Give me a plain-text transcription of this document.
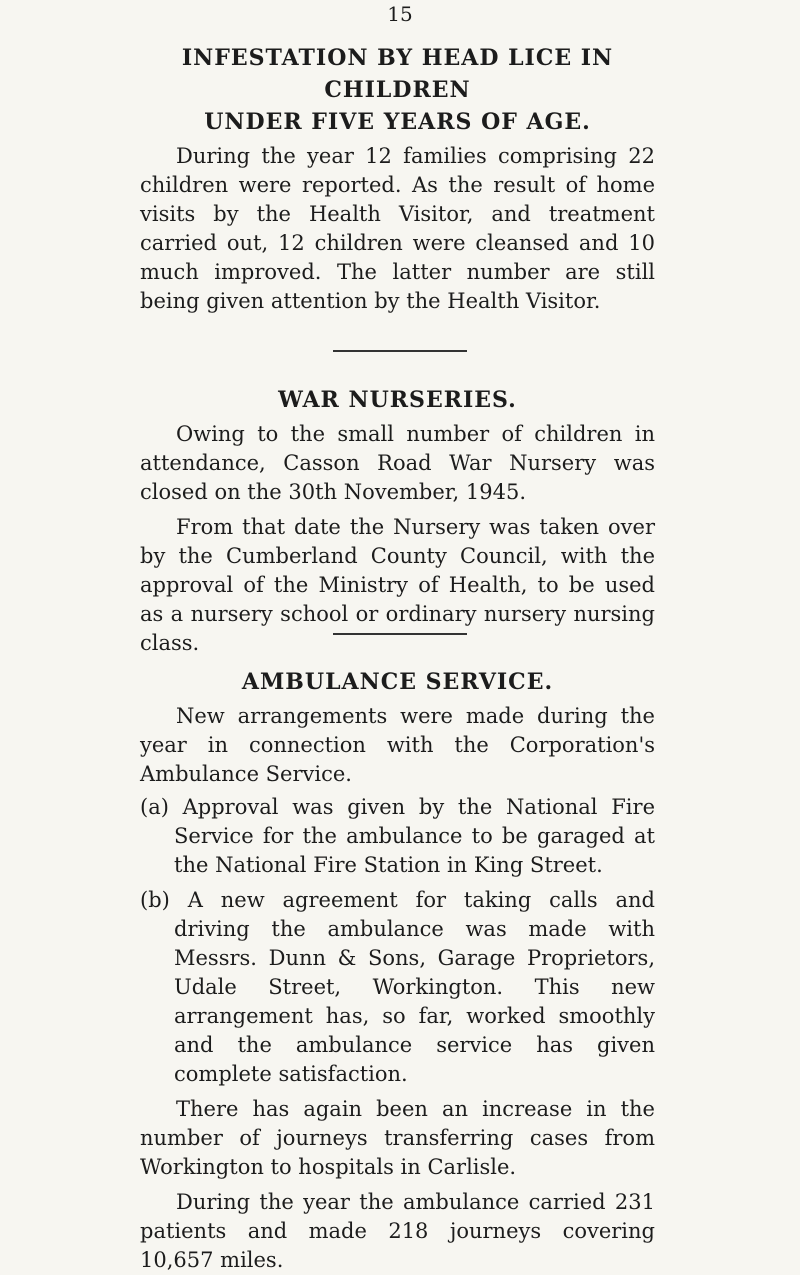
15
INFESTATION BY HEAD LICE IN CHILDREN
UNDER FIVE YEARS OF AGE.

During the year 12 families comprising 22 children were reported. As the result of home visits by the Health Visitor, and treatment carried out, 12 children were cleansed and 10 much improved. The latter number are still being given attention by the Health Visitor.

WAR NURSERIES.

Owing to the small number of children in attendance, Casson Road War Nursery was closed on the 30th November, 1945.

From that date the Nursery was taken over by the Cumberland County Council, with the approval of the Ministry of Health, to be used as a nursery school or ordinary nursery nursing class.

AMBULANCE SERVICE.

New arrangements were made during the year in connection with the Corporation's Ambulance Service.

(a) Approval was given by the National Fire Service for the ambulance to be garaged at the National Fire Station in King Street.
(b) A new agreement for taking calls and driving the ambulance was made with Messrs. Dunn & Sons, Garage Proprietors, Udale Street, Workington. This new arrangement has, so far, worked smoothly and the ambulance service has given complete satisfaction.

There has again been an increase in the number of journeys transferring cases from Workington to hospitals in Carlisle.

During the year the ambulance carried 231 patients and made 218 journeys covering 10,657 miles.
